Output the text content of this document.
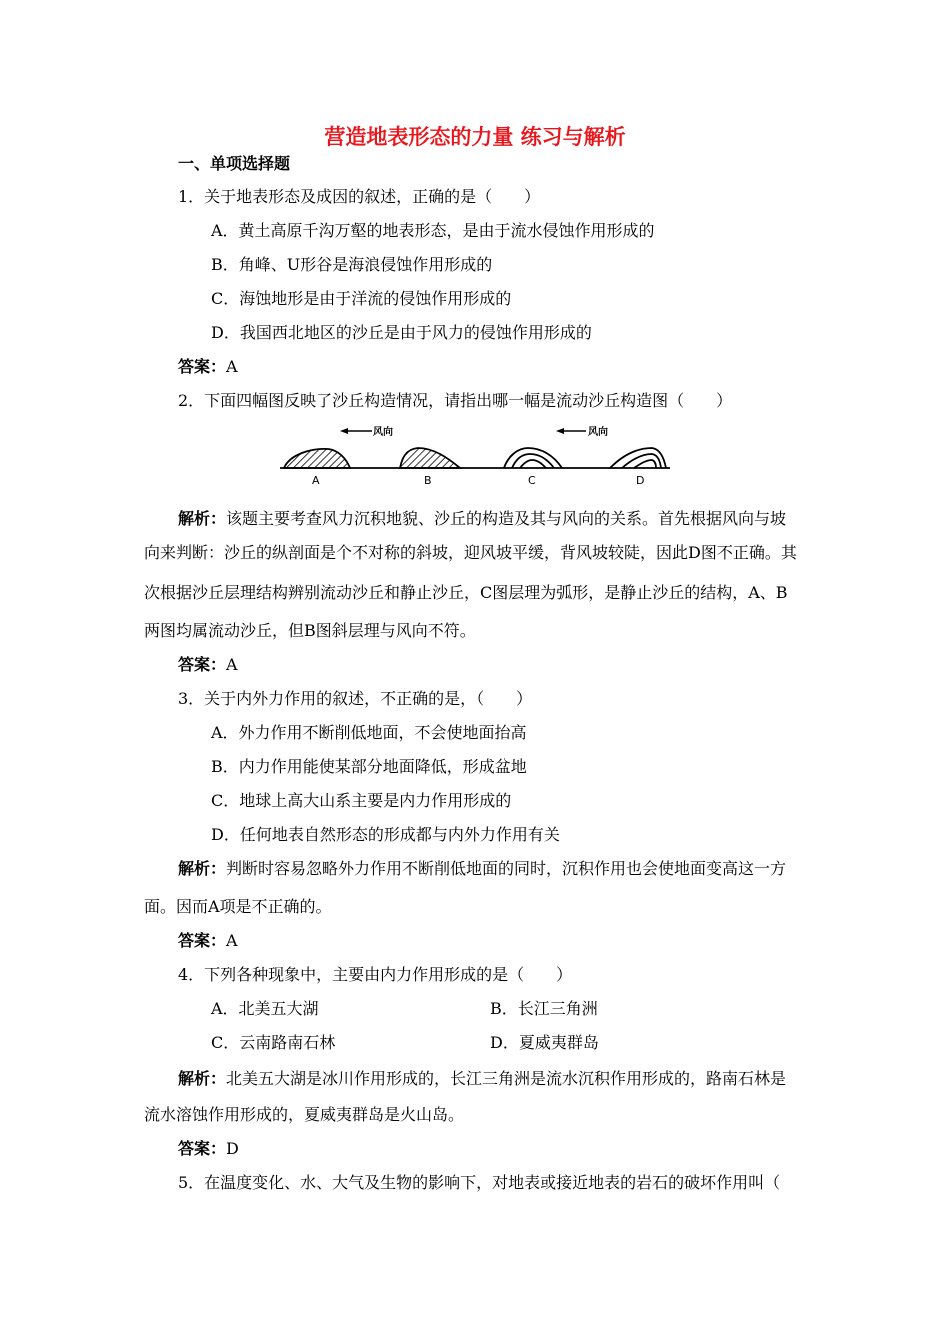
营造地表形态的力量 练习与解析
一、单项选择题
1．关于地表形态及成因的叙述，正确的是（　　）
A．黄土高原千沟万壑的地表形态，是由于流水侵蚀作用形成的
B．角峰、U形谷是海浪侵蚀作用形成的
C．海蚀地形是由于洋流的侵蚀作用形成的
D．我国西北地区的沙丘是由于风力的侵蚀作用形成的
答案：A
2．下面四幅图反映了沙丘构造情况，请指出哪一幅是流动沙丘构造图（　　）
风向	风向
A	B	C	D
解析：该题主要考查风力沉积地貌、沙丘的构造及其与风向的关系。首先根据风向与坡
向来判断：沙丘的纵剖面是个不对称的斜坡，迎风坡平缓，背风坡较陡，因此D图不正确。其
次根据沙丘层理结构辨别流动沙丘和静止沙丘，C图层理为弧形，是静止沙丘的结构，A、B
两图均属流动沙丘，但B图斜层理与风向不符。
答案：A
3．关于内外力作用的叙述，不正确的是，（　　）
A．外力作用不断削低地面，不会使地面抬高
B．内力作用能使某部分地面降低，形成盆地
C．地球上高大山系主要是内力作用形成的
D．任何地表自然形态的形成都与内外力作用有关
解析：判断时容易忽略外力作用不断削低地面的同时，沉积作用也会使地面变高这一方
面。因而A项是不正确的。
答案：A
4．下列各种现象中，主要由内力作用形成的是（　　）
A．北美五大湖	B．长江三角洲
C．云南路南石林	D．夏威夷群岛
解析：北美五大湖是冰川作用形成的，长江三角洲是流水沉积作用形成的，路南石林是
流水溶蚀作用形成的，夏威夷群岛是火山岛。
答案：D
5．在温度变化、水、大气及生物的影响下，对地表或接近地表的岩石的破坏作用叫（
